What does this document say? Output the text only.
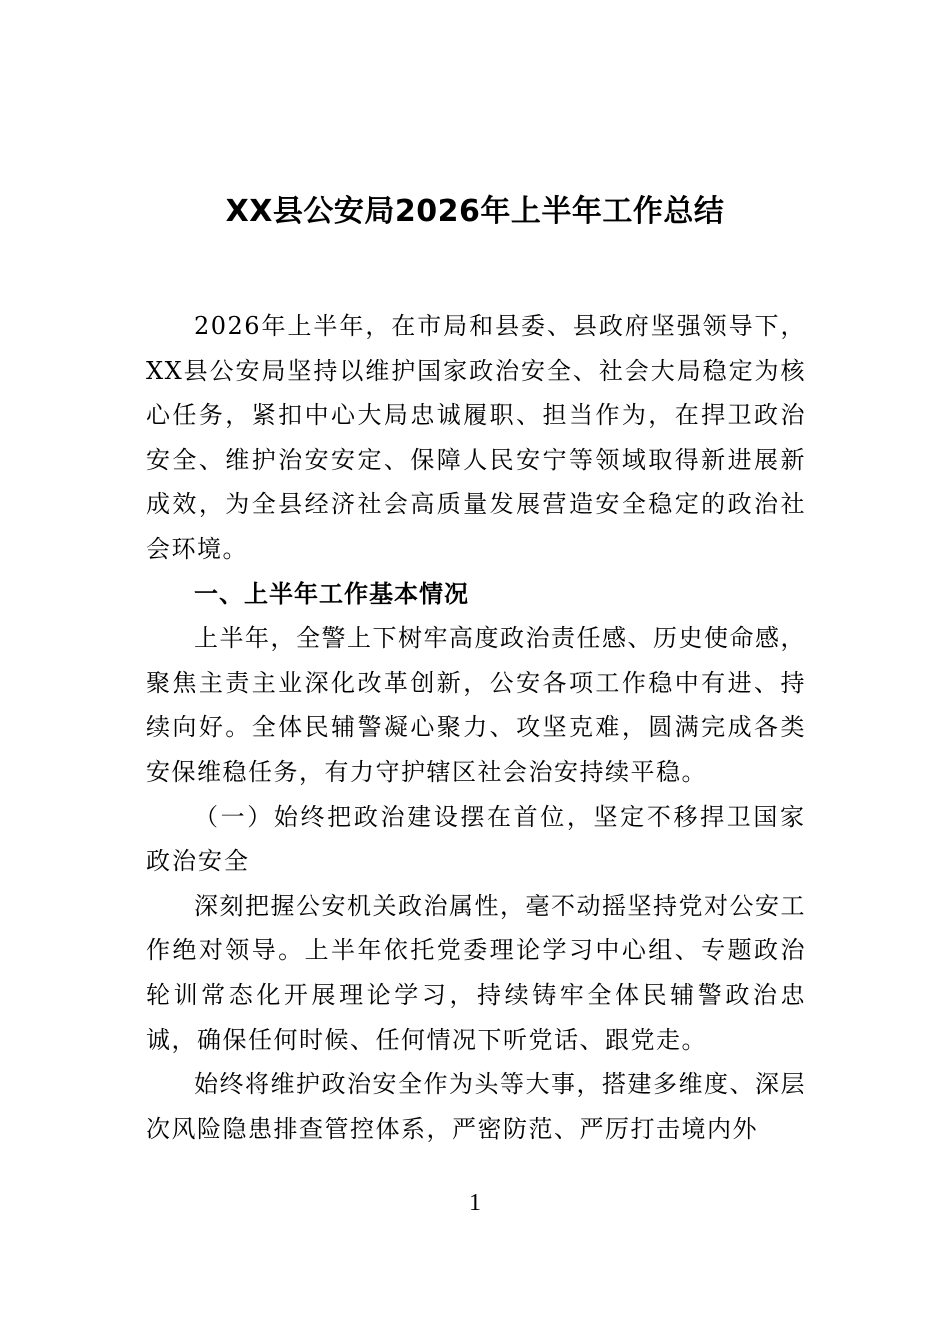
XX县公安局2026年上半年工作总结

2026年上半年，在市局和县委、县政府坚强领导下，XX县公安局坚持以维护国家政治安全、社会大局稳定为核心任务，紧扣中心大局忠诚履职、担当作为，在捍卫政治安全、维护治安安定、保障人民安宁等领域取得新进展新成效，为全县经济社会高质量发展营造安全稳定的政治社会环境。

一、上半年工作基本情况

上半年，全警上下树牢高度政治责任感、历史使命感，聚焦主责主业深化改革创新，公安各项工作稳中有进、持续向好。全体民辅警凝心聚力、攻坚克难，圆满完成各类安保维稳任务，有力守护辖区社会治安持续平稳。

（一）始终把政治建设摆在首位，坚定不移捍卫国家政治安全

深刻把握公安机关政治属性，毫不动摇坚持党对公安工作绝对领导。上半年依托党委理论学习中心组、专题政治轮训常态化开展理论学习，持续铸牢全体民辅警政治忠诚，确保任何时候、任何情况下听党话、跟党走。

始终将维护政治安全作为头等大事，搭建多维度、深层次风险隐患排查管控体系，严密防范、严厉打击境内外

1
